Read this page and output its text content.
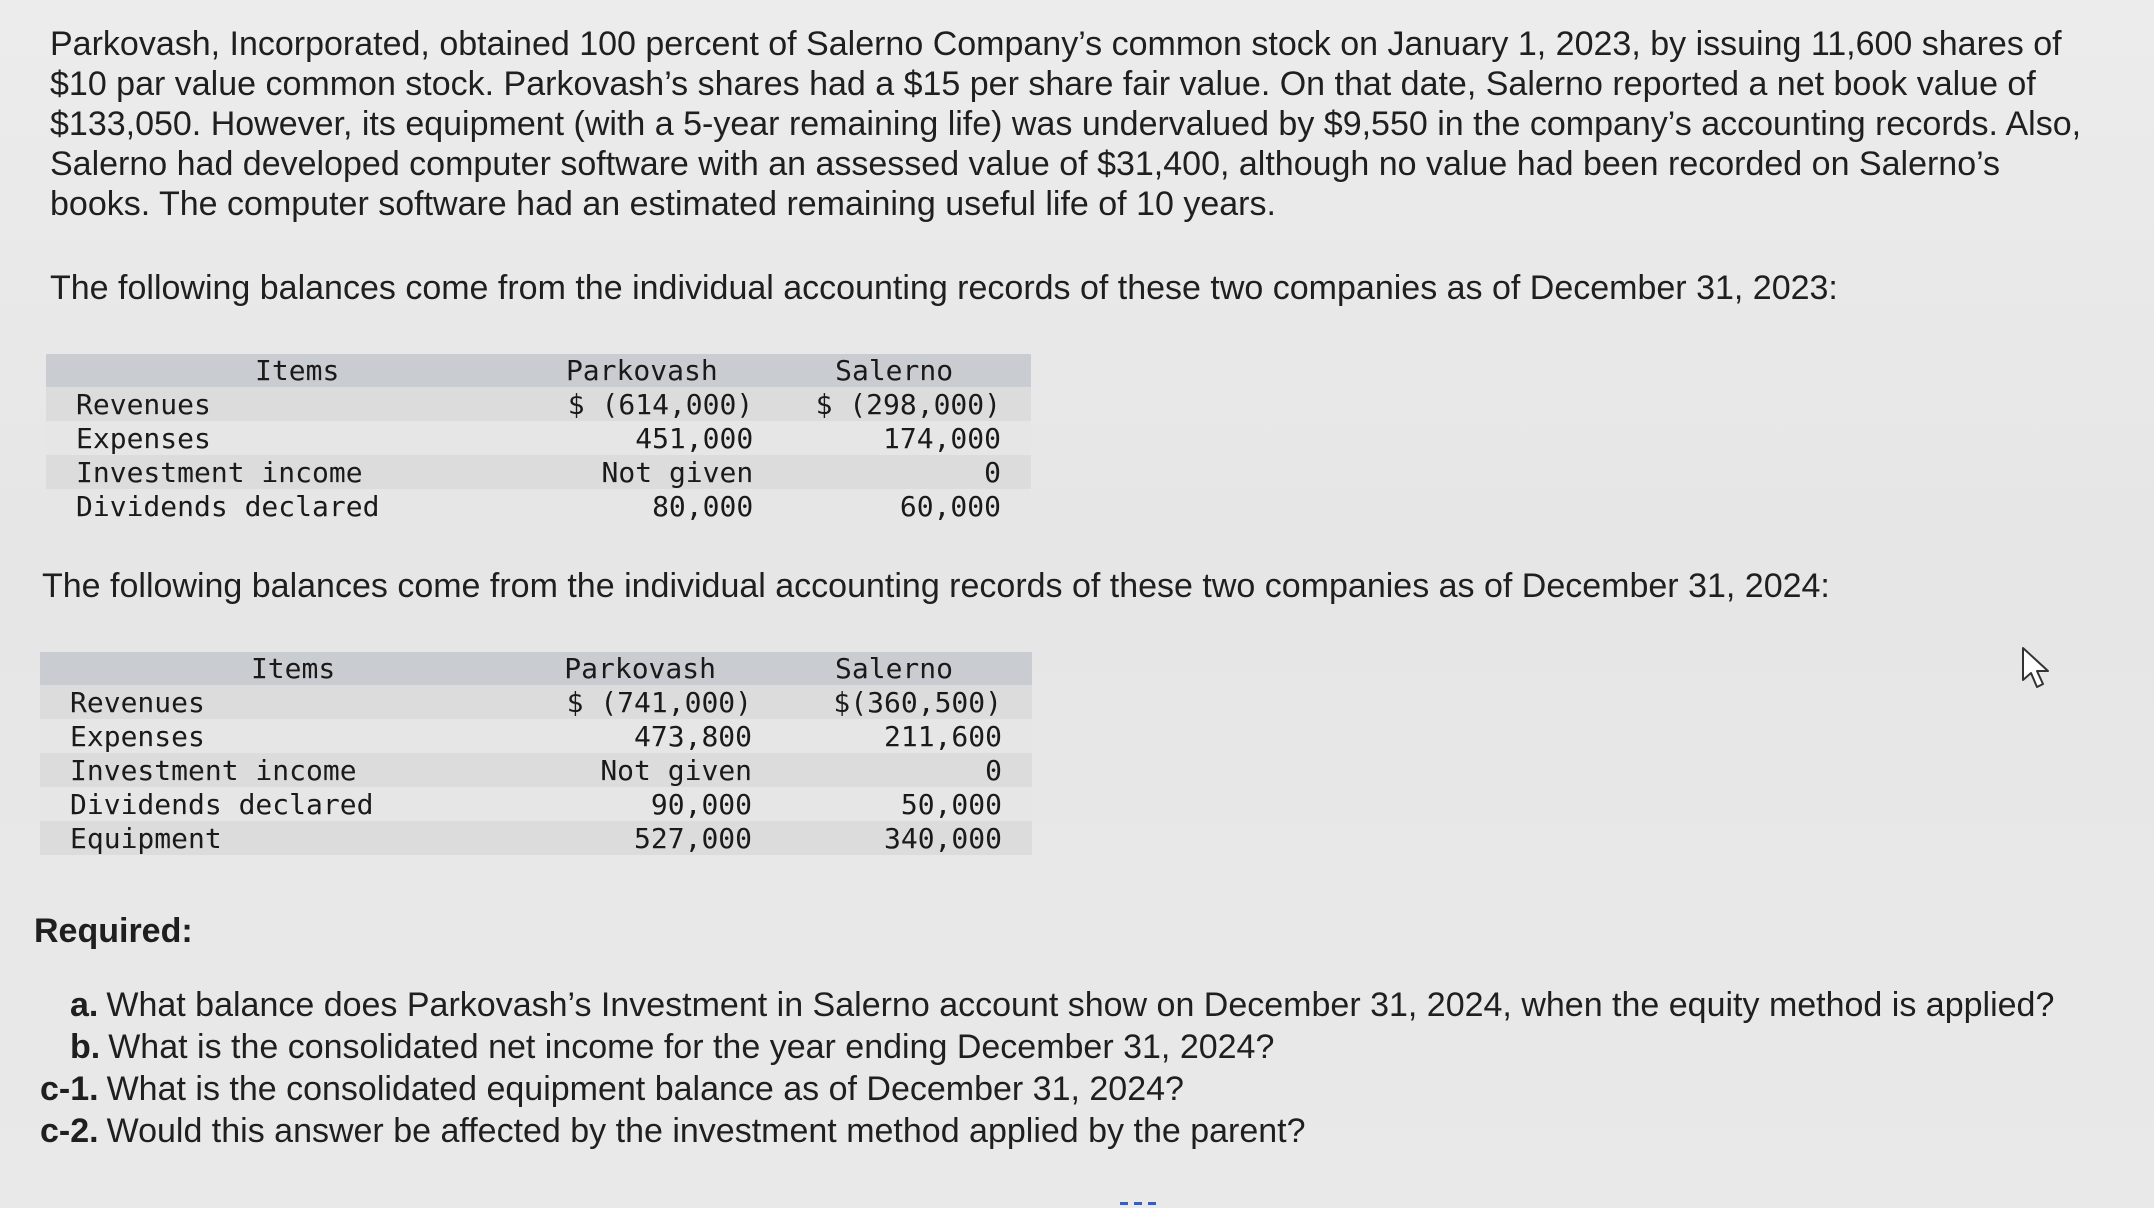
Parkovash, Incorporated, obtained 100 percent of Salerno Company’s common stock on January 1, 2023, by issuing 11,600 shares of $10 par value common stock. Parkovash’s shares had a $15 per share fair value. On that date, Salerno reported a net book value of $133,050. However, its equipment (with a 5-year remaining life) was undervalued by $9,550 in the company’s accounting records. Also, Salerno had developed computer software with an assessed value of $31,400, although no value had been recorded on Salerno’s books. The computer software had an estimated remaining useful life of 10 years.

The following balances come from the individual accounting records of these two companies as of December 31, 2023:

Items	Parkovash	Salerno
Revenues	$ (614,000)	$ (298,000)
Expenses	451,000	174,000
Investment income	Not given	0
Dividends declared	80,000	60,000

The following balances come from the individual accounting records of these two companies as of December 31, 2024:

Items	Parkovash	Salerno
Revenues	$ (741,000)	$(360,500)
Expenses	473,800	211,600
Investment income	Not given	0
Dividends declared	90,000	50,000
Equipment	527,000	340,000

Required:

a. What balance does Parkovash’s Investment in Salerno account show on December 31, 2024, when the equity method is applied?
b. What is the consolidated net income for the year ending December 31, 2024?
c-1. What is the consolidated equipment balance as of December 31, 2024?
c-2. Would this answer be affected by the investment method applied by the parent?
